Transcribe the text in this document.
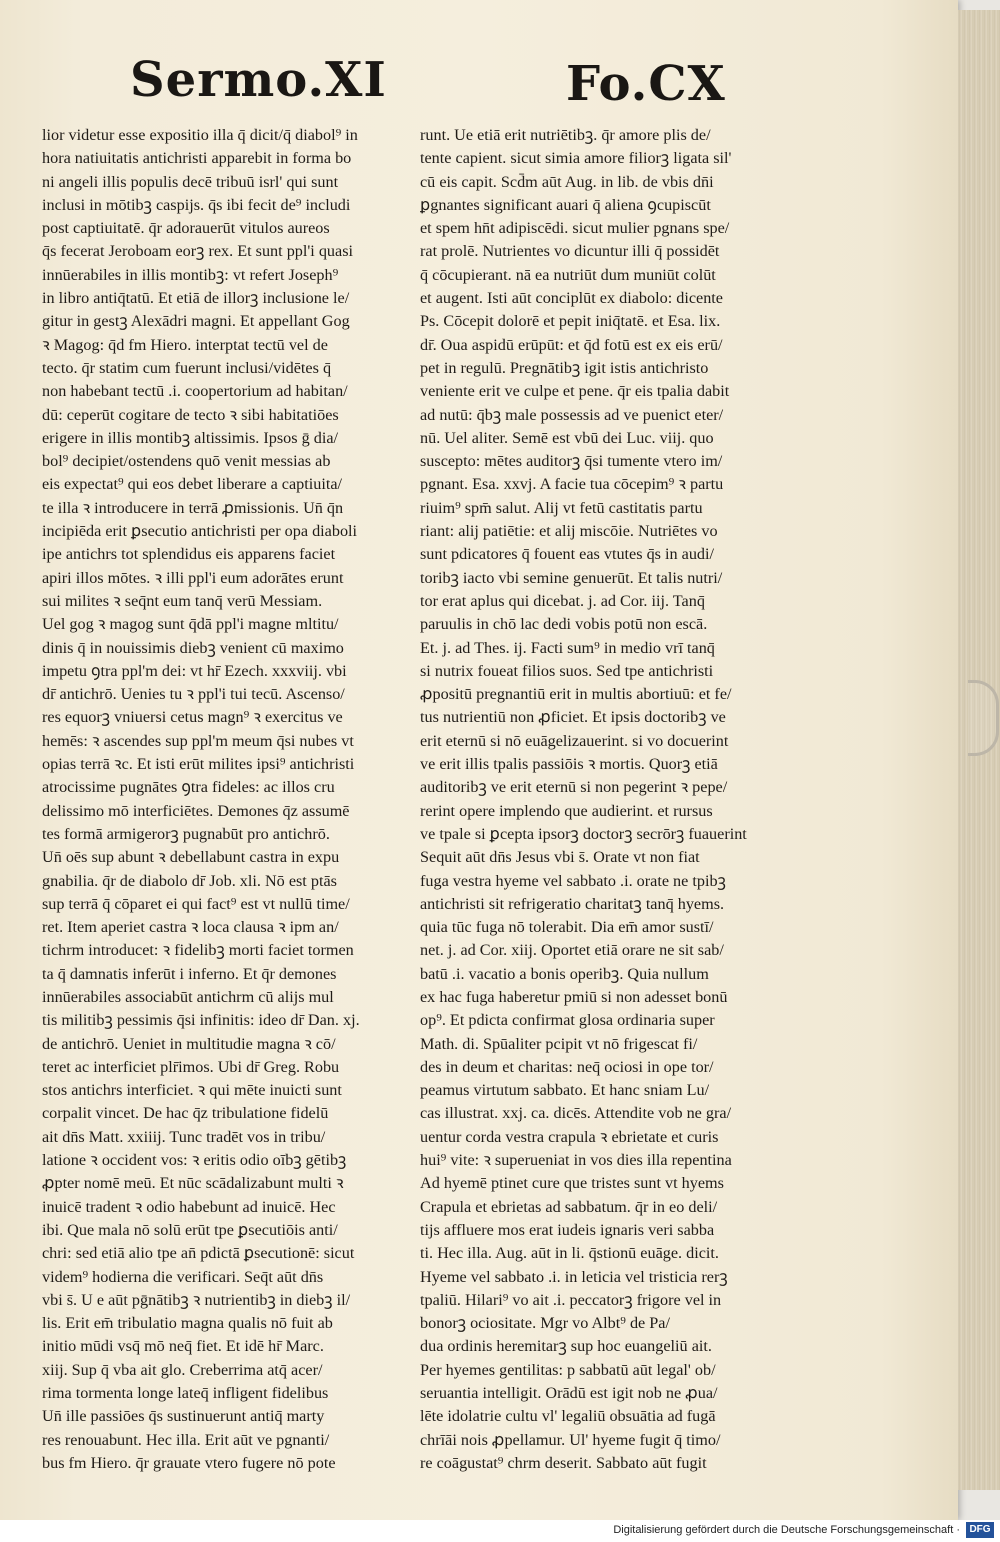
Sermo.XI	Fo.CX
lior videtur esse expositio illa q̄ dicit/q̄ diabol⁹ in
hora natiuitatis antichristi apparebit in forma bo
ni angeli illis populis decē tribuū isrl' qui sunt
inclusi in mōtibꝫ caspijs. q̄s ibi fecit de⁹ includi
post captiuitatē. q̄r adorauerūt vitulos aureos
q̄s fecerat Jeroboam eorꝫ rex. Et sunt ppl'i quasi
innūerabiles in illis montibꝫ: vt refert Joseph⁹
in libro antiq̄tatū. Et etiā de illorꝫ inclusione le/
gitur in gestꝫ Alexādri magni. Et appellant Gog
ꝛ Magog: q̄d fm Hiero. interptat tectū vel de
tecto. q̄r statim cum fuerunt inclusi/vidētes q̄
non habebant tectū .i. coopertorium ad habitan/
dū: ceperūt cogitare de tecto ꝛ sibi habitatiōes
erigere in illis montibꝫ altissimis. Ipsos ḡ dia/
bol⁹ decipiet/ostendens quō venit messias ab
eis expectat⁹ qui eos debet liberare a captiuita/
te illa ꝛ introducere in terrā ꝓmissionis. Un̄ q̄n
incipiēda erit ꝑsecutio antichristi per opa diaboli
ipe antichrs tot splendidus eis apparens faciet
apiri illos mōtes. ꝛ illi ppl'i eum adorātes erunt
sui milites ꝛ seq̄nt eum tanq̄ verū Messiam.
Uel gog ꝛ magog sunt q̄dā ppl'i magne mltitu/
dinis q̄ in nouissimis diebꝫ venient cū maximo
impetu ꝯtra ppl'm dei: vt hr̄ Ezech. xxxviij. vbi
dr̄ antichrō. Uenies tu ꝛ ppl'i tui tecū. Ascenso/
res equorꝫ vniuersi cetus magn⁹ ꝛ exercitus ve
hemēs: ꝛ ascendes sup ppl'm meum q̄si nubes vt
opias terrā ꝛc. Et isti erūt milites ipsi⁹ antichristi
atrocissime pugnātes ꝯtra fideles: ac illos cru
delissimo mō interficiētes. Demones q̄z assumē
tes formā armigerorꝫ pugnabūt pro antichrō.
Un̄ oēs sup abunt ꝛ debellabunt castra in expu
gnabilia. q̄r de diabolo dr̄ Job. xli. Nō est ptās
sup terrā q̄ cōparet ei qui fact⁹ est vt nullū time/
ret. Item aperiet castra ꝛ loca clausa ꝛ ipm an/
tichrm introducet: ꝛ fidelibꝫ morti faciet tormen
ta q̄ damnatis inferūt i inferno. Et q̄r demones
innūerabiles associabūt antichrm cū alijs mul
tis militibꝫ pessimis q̄si infinitis: ideo dr̄ Dan. xj.
de antichrō. Ueniet in multitudie magna ꝛ cō/
teret ac interficiet plr̄imos. Ubi dr̄ Greg. Robu
stos antichrs interficiet. ꝛ qui mēte inuicti sunt
corpalit vincet. De hac q̄z tribulatione fidelū
ait dn̄s Matt. xxiiij. Tunc tradēt vos in tribu/
latione ꝛ occident vos: ꝛ eritis odio oībꝫ gētibꝫ
ꝓpter nomē meū. Et nūc scādalizabunt multi ꝛ
inuicē tradent ꝛ odio habebunt ad inuicē. Hec
ibi. Que mala nō solū erūt tpe ꝑsecutiōis anti/
chri: sed etiā alio tpe an̄ pdictā ꝑsecutionē: sicut
videm⁹ hodierna die verificari. Seq̄t aūt dn̄s
vbi s̄. U e aūt pḡnātibꝫ ꝛ nutrientibꝫ in diebꝫ il/
lis. Erit em̄ tribulatio magna qualis nō fuit ab
initio mūdi vsq̄ mō neq̄ fiet. Et idē hr̄ Marc.
xiij. Sup q̄ vba ait glo. Creberrima atq̄ acer/
rima tormenta longe lateq̄ infligent fidelibus
Un̄ ille passiōes q̄s sustinuerunt antiq̄ marty
res renouabunt. Hec illa. Erit aūt ve pgnanti/
bus fm Hiero. q̄r grauate vtero fugere nō pote
runt. Ue etiā erit nutriētibꝫ. q̄r amore plis de/
tente capient. sicut simia amore filiorꝫ ligata sil'
cū eis capit. Scd̄m aūt Aug. in lib. de vbis dn̄i
ꝑgnantes significant auari q̄ aliena ꝯcupiscūt
et spem hn̄t adipiscēdi. sicut mulier pgnans spe/
rat prolē. Nutrientes vo dicuntur illi q̄ possidēt
q̄ cōcupierant. nā ea nutriūt dum muniūt colūt
et augent. Isti aūt conciplūt ex diabolo: dicente
Ps. Cōcepit dolorē et pepit iniq̄tatē. et Esa. lix.
dr̄. Oua aspidū erūpūt: et q̄d fotū est ex eis erū/
pet in regulū. Pregnātibꝫ igit istis antichristo
veniente erit ve culpe et pene. q̄r eis tpalia dabit
ad nutū: q̄bꝫ male possessis ad ve puenict eter/
nū. Uel aliter. Semē est vbū dei Luc. viij. quo
suscepto: mētes auditorꝫ q̄si tumente vtero im/
pgnant. Esa. xxvj. A facie tua cōcepim⁹ ꝛ partu
riuim⁹ spm̄ salut. Alij vt fetū castitatis partu
riant: alij patiētie: et alij miscōie. Nutriētes vo
sunt pdicatores q̄ fouent eas vtutes q̄s in audi/
toribꝫ iacto vbi semine genuerūt. Et talis nutri/
tor erat aplus qui dicebat. j. ad Cor. iij. Tanq̄
paruulis in chō lac dedi vobis potū non escā.
Et. j. ad Thes. ij. Facti sum⁹ in medio vrī tanq̄
si nutrix foueat filios suos. Sed tpe antichristi
ꝓpositū pregnantiū erit in multis abortiuū: et fe/
tus nutrientiū non ꝓficiet. Et ipsis doctoribꝫ ve
erit eternū si nō euāgelizauerint. si vo docuerint
ve erit illis tpalis passiōis ꝛ mortis. Quorꝫ etiā
auditoribꝫ ve erit eternū si non pegerint ꝛ pepe/
rerint opere implendo que audierint. et rursus
ve tpale si ꝑcepta ipsorꝫ doctorꝫ secrōrꝫ fuauerint
Sequit aūt dn̄s Jesus vbi s̄. Orate vt non fiat
fuga vestra hyeme vel sabbato .i. orate ne tpibꝫ
antichristi sit refrigeratio charitatꝫ tanq̄ hyems.
quia tūc fuga nō tolerabit. Dia em̄ amor sustī/
net. j. ad Cor. xiij. Oportet etiā orare ne sit sab/
batū .i. vacatio a bonis operibꝫ. Quia nullum
ex hac fuga haberetur pmiū si non adesset bonū
op⁹. Et pdicta confirmat glosa ordinaria super
Math. di. Spūaliter pcipit vt nō frigescat fi/
des in deum et charitas: neq̄ ociosi in ope tor/
peamus virtutum sabbato. Et hanc sniam Lu/
cas illustrat. xxj. ca. dicēs. Attendite vob ne gra/
uentur corda vestra crapula ꝛ ebrietate et curis
hui⁹ vite: ꝛ superueniat in vos dies illa repentina
Ad hyemē ptinet cure que tristes sunt vt hyems
Crapula et ebrietas ad sabbatum. q̄r in eo deli/
tijs affluere mos erat iudeis ignaris veri sabba
ti. Hec illa. Aug. aūt in li. q̄stionū euāge. dicit.
Hyeme vel sabbato .i. in leticia vel tristicia rerꝫ
tpaliū. Hilari⁹ vo ait .i. peccatorꝫ frigore vel in
bonorꝫ ociositate. Mgr vo Albt⁹ de Pa/
dua ordinis heremitarꝫ sup hoc euangeliū ait.
Per hyemes gentilitas: p sabbatū aūt legal' ob/
seruantia intelligit. Orādū est igit nob ne ꝓua/
lēte idolatrie cultu vl' legaliū obsuātia ad fugā
chrīāi nois ꝓpellamur. Ul' hyeme fugit q̄ timo/
re coāgustat⁹ chrm deserit. Sabbato aūt fugit
Digitalisierung gefördert durch die Deutsche Forschungsgemeinschaft · DFG
